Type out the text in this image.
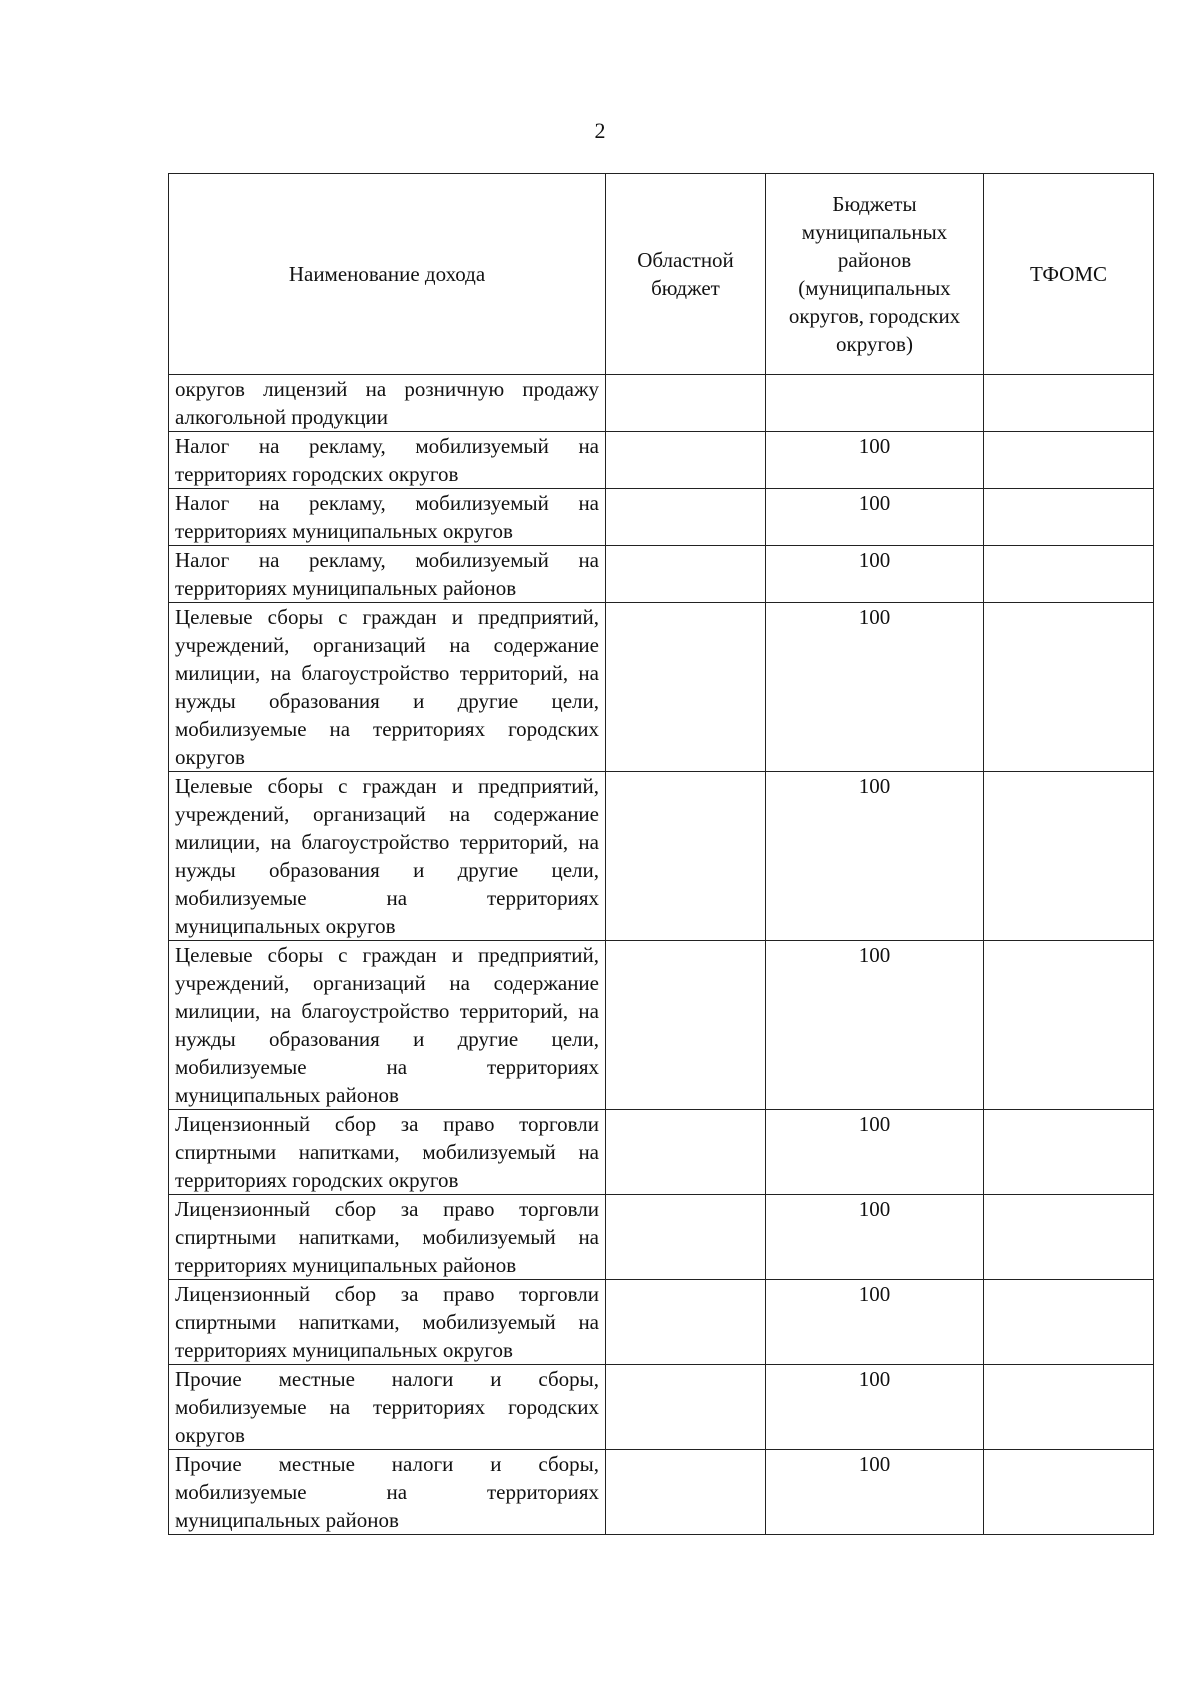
2
Наименование дохода	Областной бюджет	Бюджеты муниципальных районов (муниципальных округов, городских округов)	ТФОМС
округов лицензий на розничную продажу алкогольной продукции			
Налог на рекламу, мобилизуемый на территориях городских округов		100	
Налог на рекламу, мобилизуемый на территориях муниципальных округов		100	
Налог на рекламу, мобилизуемый на территориях муниципальных районов		100	
Целевые сборы с граждан и предприятий, учреждений, организаций на содержание милиции, на благоустройство территорий, на нужды образования и другие цели, мобилизуемые на территориях городских округов		100	
Целевые сборы с граждан и предприятий, учреждений, организаций на содержание милиции, на благоустройство территорий, на нужды образования и другие цели, мобилизуемые на территориях муниципальных округов		100	
Целевые сборы с граждан и предприятий, учреждений, организаций на содержание милиции, на благоустройство территорий, на нужды образования и другие цели, мобилизуемые на территориях муниципальных районов		100	
Лицензионный сбор за право торговли спиртными напитками, мобилизуемый на территориях городских округов		100	
Лицензионный сбор за право торговли спиртными напитками, мобилизуемый на территориях муниципальных районов		100	
Лицензионный сбор за право торговли спиртными напитками, мобилизуемый на территориях муниципальных округов		100	
Прочие местные налоги и сборы, мобилизуемые на территориях городских округов		100	
Прочие местные налоги и сборы, мобилизуемые на территориях муниципальных районов		100	
